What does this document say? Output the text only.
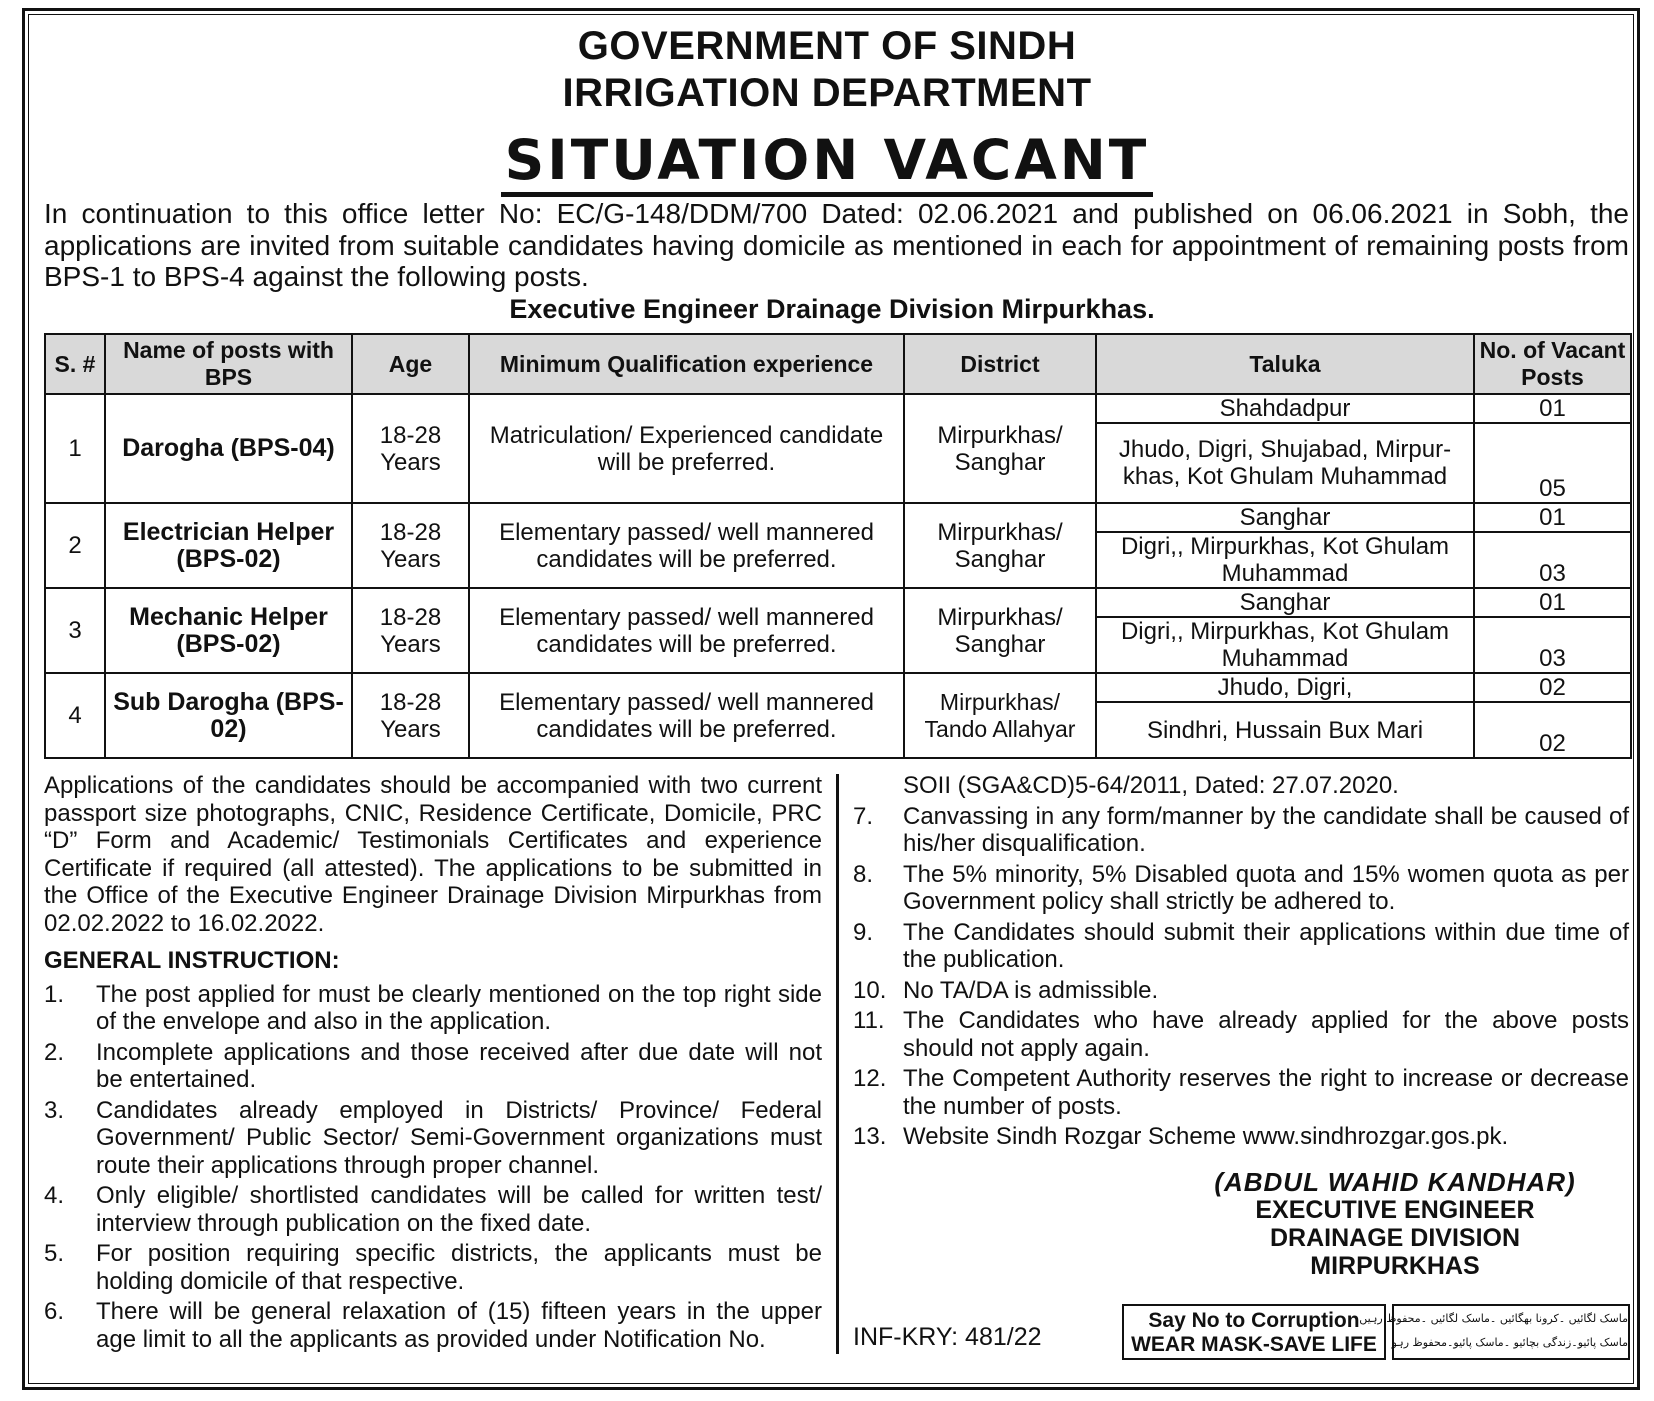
GOVERNMENT OF SINDH
IRRIGATION DEPARTMENT
SITUATION VACANT
In continuation to this office letter No: EC/G-148/DDM/700 Dated: 02.06.2021 and published on 06.06.2021 in Sobh, the applications are invited from suitable candidates having domicile as mentioned in each for appointment of remaining posts from BPS-1 to BPS-4 against the following posts.
Executive Engineer Drainage Division Mirpurkhas.
S. #	Name of posts with BPS	Age	Minimum Qualification experience	District	Taluka	No. of Vacant Posts
1	Darogha (BPS-04)	18-28 Years	Matriculation/ Experienced candidate will be preferred.	Mirpurkhas/ Sanghar	Shahdadpur	01
					Jhudo, Digri, Shujabad, Mirpur-khas, Kot Ghulam Muhammad	05
2	Electrician Helper (BPS-02)	18-28 Years	Elementary passed/ well mannered candidates will be preferred.	Mirpurkhas/ Sanghar	Sanghar	01
					Digri,, Mirpurkhas, Kot Ghulam Muhammad	03
3	Mechanic Helper (BPS-02)	18-28 Years	Elementary passed/ well mannered candidates will be preferred.	Mirpurkhas/ Sanghar	Sanghar	01
					Digri,, Mirpurkhas, Kot Ghulam Muhammad	03
4	Sub Darogha (BPS-02)	18-28 Years	Elementary passed/ well mannered candidates will be preferred.	Mirpurkhas/ Tando Allahyar	Jhudo, Digri,	02
					Sindhri, Hussain Bux Mari	02
Applications of the candidates should be accompanied with two current passport size photographs, CNIC, Residence Certificate, Domicile, PRC “D” Form and Academic/ Testimonials Certificates and experience Certificate if required (all attested). The applications to be submitted in the Office of the Executive Engineer Drainage Division Mirpurkhas from 02.02.2022 to 16.02.2022.
GENERAL INSTRUCTION:
1.	The post applied for must be clearly mentioned on the top right side of the envelope and also in the application.
2.	Incomplete applications and those received after due date will not be entertained.
3.	Candidates already employed in Districts/ Province/ Federal Government/ Public Sector/ Semi-Government organizations must route their applications through proper channel.
4.	Only eligible/ shortlisted candidates will be called for written test/ interview through publication on the fixed date.
5.	For position requiring specific districts, the applicants must be holding domicile of that respective.
6.	There will be general relaxation of (15) fifteen years in the upper age limit to all the applicants as provided under Notification No.
SOII (SGA&CD)5-64/2011, Dated: 27.07.2020.
7.	Canvassing in any form/manner by the candidate shall be caused of his/her disqualification.
8.	The 5% minority, 5% Disabled quota and 15% women quota as per Government policy shall strictly be adhered to.
9.	The Candidates should submit their applications within due time of the publication.
10. No TA/DA is admissible.
11. The Candidates who have already applied for the above posts should not apply again.
12. The Competent Authority reserves the right to increase or decrease the number of posts.
13. Website Sindh Rozgar Scheme www.sindhrozgar.gos.pk.
(ABDUL WAHID KANDHAR)
EXECUTIVE ENGINEER
DRAINAGE DIVISION
MIRPURKHAS
INF-KRY: 481/22
Say No to Corruption
WEAR MASK-SAVE LIFE
ماسک لگائیں ۔کرونا بھگائیں ۔ماسک لگائیں ۔محفوظ رہیں
ماسک پائیو۔زندگی بچائیو ۔ماسک پائیو۔محفوظ رہو
